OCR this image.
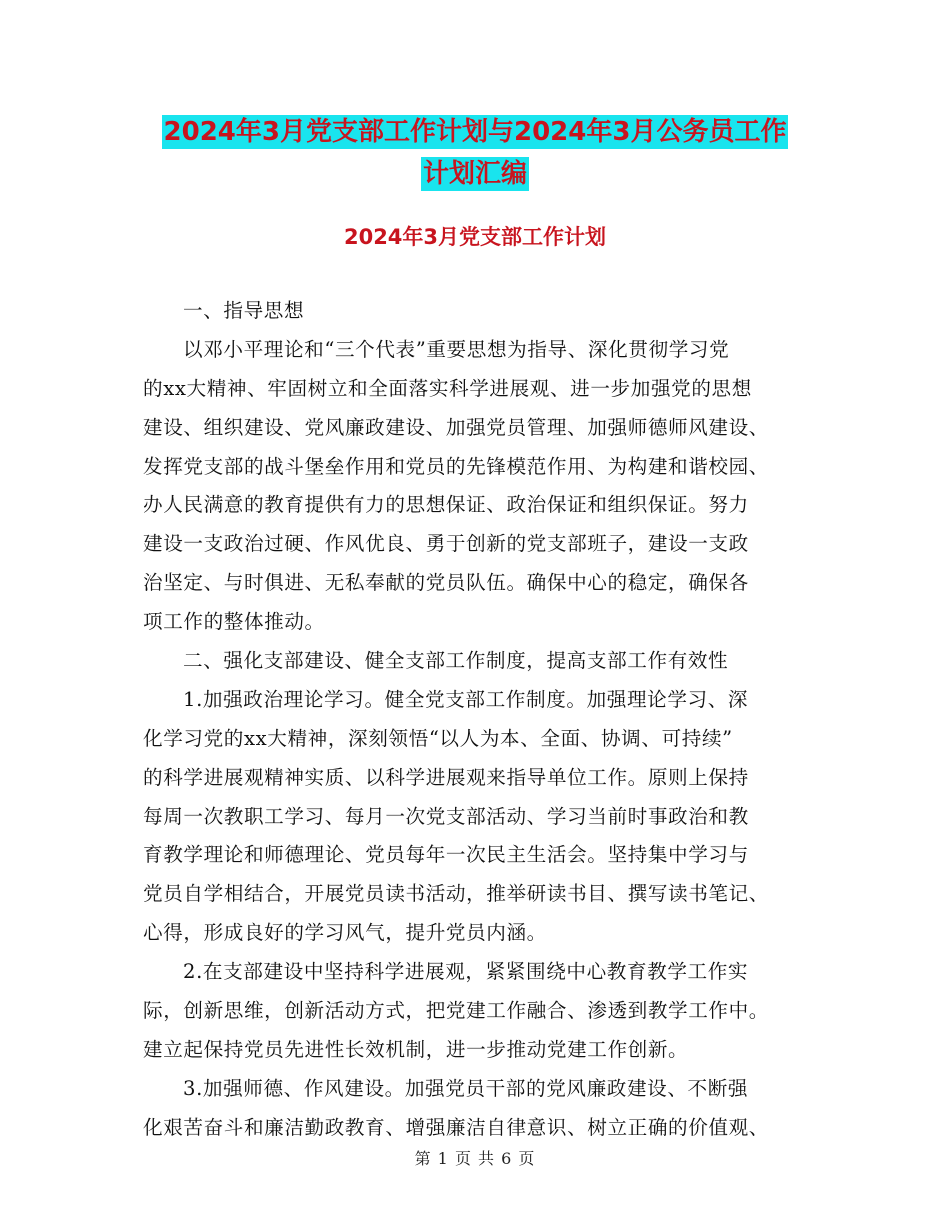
2024年3月党支部工作计划与2024年3月公务员工作
计划汇编
2024年3月党支部工作计划
一、指导思想
以邓小平理论和“三个代表”重要思想为指导、深化贯彻学习党
的xx大精神、牢固树立和全面落实科学进展观、进一步加强党的思想
建设、组织建设、党风廉政建设、加强党员管理、加强师德师风建设、
发挥党支部的战斗堡垒作用和党员的先锋模范作用、为构建和谐校园、
办人民满意的教育提供有力的思想保证、政治保证和组织保证。努力
建设一支政治过硬、作风优良、勇于创新的党支部班子，建设一支政
治坚定、与时俱进、无私奉献的党员队伍。确保中心的稳定，确保各
项工作的整体推动。
二、强化支部建设、健全支部工作制度，提高支部工作有效性
1.加强政治理论学习。健全党支部工作制度。加强理论学习、深
化学习党的xx大精神，深刻领悟“以人为本、全面、协调、可持续”
的科学进展观精神实质、以科学进展观来指导单位工作。原则上保持
每周一次教职工学习、每月一次党支部活动、学习当前时事政治和教
育教学理论和师德理论、党员每年一次民主生活会。坚持集中学习与
党员自学相结合，开展党员读书活动，推举研读书目、撰写读书笔记、
心得，形成良好的学习风气，提升党员内涵。
2.在支部建设中坚持科学进展观，紧紧围绕中心教育教学工作实
际，创新思维，创新活动方式，把党建工作融合、渗透到教学工作中。
建立起保持党员先进性长效机制，进一步推动党建工作创新。
3.加强师德、作风建设。加强党员干部的党风廉政建设、不断强
化艰苦奋斗和廉洁勤政教育、增强廉洁自律意识、树立正确的价值观、
第 1 页 共 6 页
